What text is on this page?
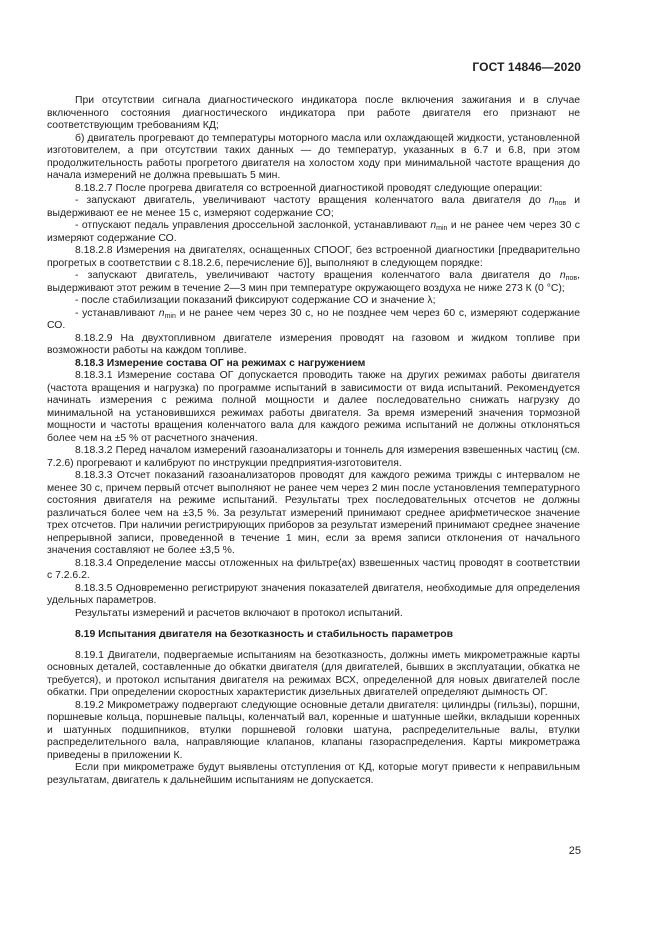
ГОСТ 14846—2020

При отсутствии сигнала диагностического индикатора после включения зажигания и в случае включенного состояния диагностического индикатора при работе двигателя его признают не соответствующим требованиям КД;

б) двигатель прогревают до температуры моторного масла или охлаждающей жидкости, установленной изготовителем, а при отсутствии таких данных — до температур, указанных в 6.7 и 6.8, при этом продолжительность работы прогретого двигателя на холостом ходу при минимальной частоте вращения до начала измерений не должна превышать 5 мин.

8.18.2.7 После прогрева двигателя со встроенной диагностикой проводят следующие операции:

- запускают двигатель, увеличивают частоту вращения коленчатого вала двигателя до $n_{пов}$ и выдерживают ее не менее 15 с, измеряют содержание СО;

- отпускают педаль управления дроссельной заслонкой, устанавливают $n_{min}$ и не ранее чем через 30 с измеряют содержание СО.

8.18.2.8 Измерения на двигателях, оснащенных СПООГ, без встроенной диагностики [предварительно прогретых в соответствии с 8.18.2.6, перечисление б)], выполняют в следующем порядке:

- запускают двигатель, увеличивают частоту вращения коленчатого вала двигателя до $n_{пов}$, выдерживают этот режим в течение 2—3 мин при температуре окружающего воздуха не ниже 273 К (0 °С);

- после стабилизации показаний фиксируют содержание СО и значение λ;

- устанавливают $n_{min}$ и не ранее чем через 30 с, но не позднее чем через 60 с, измеряют содержание СО.

8.18.2.9 На двухтопливном двигателе измерения проводят на газовом и жидком топливе при возможности работы на каждом топливе.

8.18.3 Измерение состава ОГ на режимах с нагружением

8.18.3.1 Измерение состава ОГ допускается проводить также на других режимах работы двигателя (частота вращения и нагрузка) по программе испытаний в зависимости от вида испытаний. Рекомендуется начинать измерения с режима полной мощности и далее последовательно снижать нагрузку до минимальной на установившихся режимах работы двигателя. За время измерений значения тормозной мощности и частоты вращения коленчатого вала для каждого режима испытаний не должны отклоняться более чем на ±5 % от расчетного значения.

8.18.3.2 Перед началом измерений газоанализаторы и тоннель для измерения взвешенных частиц (см. 7.2.6) прогревают и калибруют по инструкции предприятия-изготовителя.

8.18.3.3 Отсчет показаний газоанализаторов проводят для каждого режима трижды с интервалом не менее 30 с, причем первый отсчет выполняют не ранее чем через 2 мин после установления температурного состояния двигателя на режиме испытаний. Результаты трех последовательных отсчетов не должны различаться более чем на ±3,5 %. За результат измерений принимают среднее арифметическое значение трех отсчетов. При наличии регистрирующих приборов за результат измерений принимают среднее значение непрерывной записи, проведенной в течение 1 мин, если за время записи отклонения от начального значения составляют не более ±3,5 %.

8.18.3.4 Определение массы отложенных на фильтре(ах) взвешенных частиц проводят в соответствии с 7.2.6.2.

8.18.3.5 Одновременно регистрируют значения показателей двигателя, необходимые для определения удельных параметров.

Результаты измерений и расчетов включают в протокол испытаний.

8.19 Испытания двигателя на безотказность и стабильность параметров

8.19.1 Двигатели, подвергаемые испытаниям на безотказность, должны иметь микрометражные карты основных деталей, составленные до обкатки двигателя (для двигателей, бывших в эксплуатации, обкатка не требуется), и протокол испытания двигателя на режимах ВСХ, определенной для новых двигателей после обкатки. При определении скоростных характеристик дизельных двигателей определяют дымность ОГ.

8.19.2 Микрометражу подвергают следующие основные детали двигателя: цилиндры (гильзы), поршни, поршневые кольца, поршневые пальцы, коленчатый вал, коренные и шатунные шейки, вкладыши коренных и шатунных подшипников, втулки поршневой головки шатуна, распределительные валы, втулки распределительного вала, направляющие клапанов, клапаны газораспределения. Карты микрометража приведены в приложении К.

Если при микрометраже будут выявлены отступления от КД, которые могут привести к неправильным результатам, двигатель к дальнейшим испытаниям не допускается.

25
